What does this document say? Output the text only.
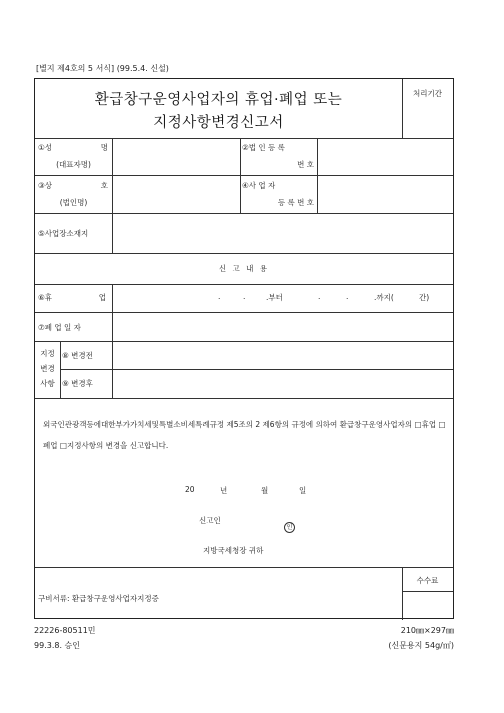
[별지 제4호의 5 서식] (99.5.4. 신설)
환급창구운영사업자의 휴업·폐업 또는
지정사항변경신고서
처리기간
①성	명
(대표자명)
②법 인 등 록
번 호
③상	호
(법인명)
④사 업 자
등 록 번 호
⑤사업장소재지
신 고 내 용
⑥휴	업	.	.	.부터	.	.	.까지(	간)
⑦폐 업 일 자
지정
변경
사항
⑧ 변경전
⑨ 변경후
외국인관광객등에대한부가가치세및특별소비세특례규정 제5조의 2 제6항의 규정에 의하여 환급창구운영사업자의 □휴업 □폐업 □지정사항의 변경을 신고합니다.
20	년	월	일
신고인
인
지방국세청장 귀하
구비서류: 환급창구운영사업자지정증
수수료
22226-80511민
99.3.8. 승인
210㎜×297㎜
(신문용지 54g/㎡)
